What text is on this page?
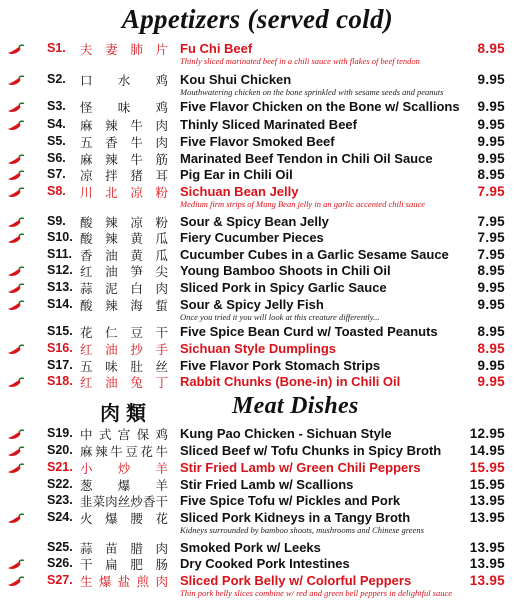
Appetizers (served cold)
S1. 夫 妻 肺 片 Fu Chi Beef	8.95
Thinly sliced marinated beef in a chili sauce with flakes of beef tendon
S2. 口 水 鸡 Kou Shui Chicken	9.95
Mouthwatering chicken on the bone sprinkled with sesame seeds and peanuts
S3. 怪 味 鸡 Five Flavor Chicken on the Bone w/ Scallions 9.95
S4. 麻 辣 牛 肉 Thinly Sliced Marinated Beef	9.95
S5. 五 香 牛 肉 Five Flavor Smoked Beef	9.95
S6. 麻 辣 牛 筋 Marinated Beef Tendon in Chili Oil Sauce	9.95
S7. 凉 拌 猪 耳 Pig Ear in Chili Oil	8.95
S8. 川 北 凉 粉 Sichuan Bean Jelly	7.95
Medium firm strips of Mung Bean jelly in an garlic accented chili sauce
S9. 酸 辣 凉 粉 Sour & Spicy Bean Jelly	7.95
S10. 酸 辣 黄 瓜 Fiery Cucumber Pieces	7.95
S11. 香 油 黄 瓜 Cucumber Cubes in a Garlic Sesame Sauce 7.95
S12. 红 油 笋 尖 Young Bamboo Shoots in Chili Oil	8.95
S13. 蒜 泥 白 肉 Sliced Pork in Spicy Garlic Sauce	9.95
S14. 酸 辣 海 蜇 Sour & Spicy Jelly Fish	9.95
Once you tried it you will look at this creature differently...
S15. 花 仁 豆 干 Five Spice Bean Curd w/ Toasted Peanuts	8.95
S16. 红 油 抄 手 Sichuan Style Dumplings	8.95
S17. 五 味 肚 丝 Five Flavor Pork Stomach Strips	9.95
S18. 红 油 兔 丁 Rabbit Chunks (Bone-in) in Chili Oil	9.95
肉類	Meat Dishes
S19. 中 式 宫 保 鸡 Kung Pao Chicken - Sichuan Style	12.95
S20. 麻 辣 牛 豆 花 牛 Sliced Beef w/ Tofu Chunks in Spicy Broth 14.95
S21. 小 炒 羊 Stir Fried Lamb w/ Green Chili Peppers	15.95
S22. 葱 爆 羊 Stir Fried Lamb w/ Scallions	15.95
S23. 韭 菜 肉 丝 炒 香 干 Five Spice Tofu w/ Pickles and Pork	13.95
S24. 火 爆 腰 花 Sliced Pork Kidneys in a Tangy Broth	13.95
Kidneys surrounded by bamboo shoots, mushrooms and Chinese greens
S25. 蒜 苗 腊 肉 Smoked Pork w/ Leeks	13.95
S26. 干 扁 肥 肠 Dry Cooked Pork Intestines	13.95
S27. 生 爆 盐 煎 肉 Sliced Pork Belly w/ Colorful Peppers	13.95
Thin pork belly slices combine w/ red and green bell peppers in delightful sauce
